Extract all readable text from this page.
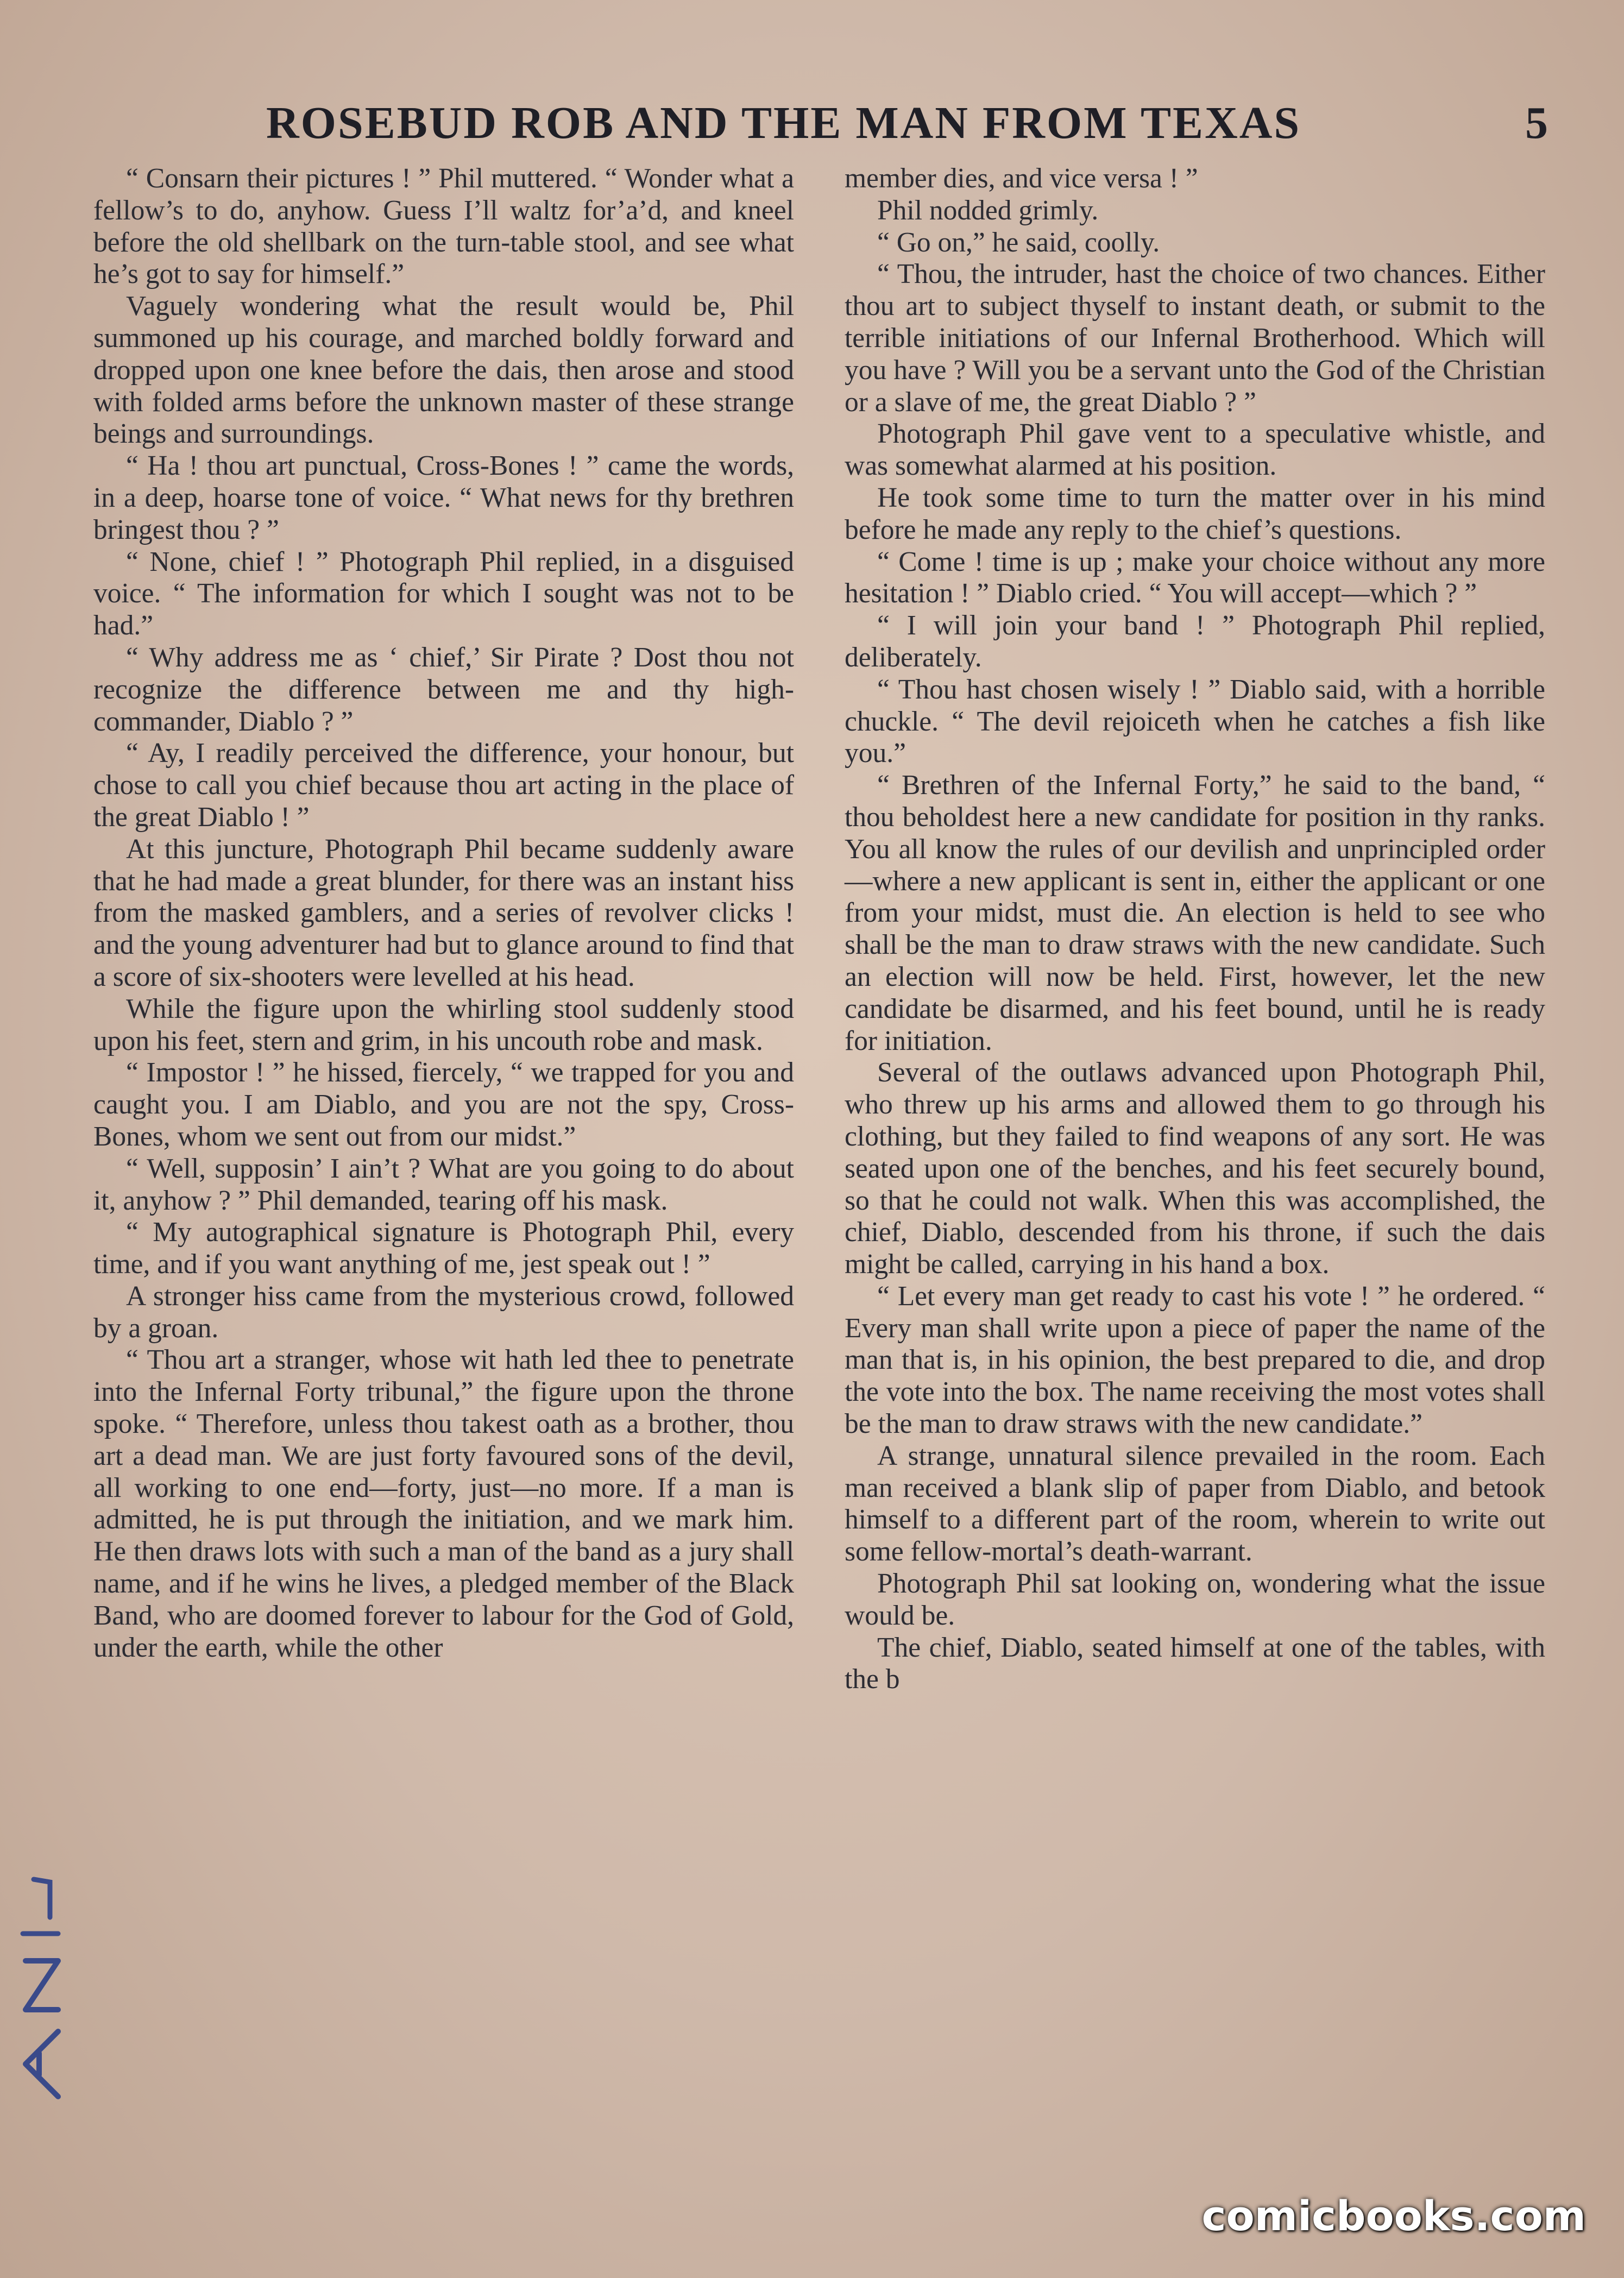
ROSEBUD ROB AND THE MAN FROM TEXAS	5

“ Consarn their pictures ! ” Phil muttered. “ Wonder what a fellow’s to do, anyhow. Guess I’ll waltz for’a’d, and kneel before the old shellbark on the turn-table stool, and see what he’s got to say for himself.”

Vaguely wondering what the result would be, Phil summoned up his courage, and marched boldly forward and dropped upon one knee before the dais, then arose and stood with folded arms before the unknown master of these strange beings and surroundings.

“ Ha ! thou art punctual, Cross-Bones ! ” came the words, in a deep, hoarse tone of voice. “ What news for thy brethren bringest thou ? ”

“ None, chief ! ” Photograph Phil replied, in a disguised voice. “ The information for which I sought was not to be had.”

“ Why address me as ‘ chief,’ Sir Pirate ? Dost thou not recognize the difference between me and thy high-commander, Diablo ? ”

“ Ay, I readily perceived the difference, your honour, but chose to call you chief because thou art acting in the place of the great Diablo ! ”

At this juncture, Photograph Phil became suddenly aware that he had made a great blunder, for there was an instant hiss from the masked gamblers, and a series of revolver clicks ! and the young adventurer had but to glance around to find that a score of six-shooters were levelled at his head.

While the figure upon the whirling stool suddenly stood upon his feet, stern and grim, in his uncouth robe and mask.

“ Impostor ! ” he hissed, fiercely, “ we trapped for you and caught you. I am Diablo, and you are not the spy, Cross-Bones, whom we sent out from our midst.”

“ Well, supposin’ I ain’t ? What are you going to do about it, anyhow ? ” Phil demanded, tearing off his mask.

“ My autographical signature is Photograph Phil, every time, and if you want anything of me, jest speak out ! ”

A stronger hiss came from the mysterious crowd, followed by a groan.

“ Thou art a stranger, whose wit hath led thee to penetrate into the Infernal Forty tribunal,” the figure upon the throne spoke. “ Therefore, unless thou takest oath as a brother, thou art a dead man. We are just forty favoured sons of the devil, all working to one end—forty, just—no more. If a man is admitted, he is put through the initiation, and we mark him. He then draws lots with such a man of the band as a jury shall name, and if he wins he lives, a pledged member of the Black Band, who are doomed forever to labour for the God of Gold, under the earth, while the other

member dies, and vice versa ! ”

Phil nodded grimly.

“ Go on,” he said, coolly.

“ Thou, the intruder, hast the choice of two chances. Either thou art to subject thyself to instant death, or submit to the terrible initiations of our Infernal Brotherhood. Which will you have ? Will you be a servant unto the God of the Christian or a slave of me, the great Diablo ? ”

Photograph Phil gave vent to a speculative whistle, and was somewhat alarmed at his position.

He took some time to turn the matter over in his mind before he made any reply to the chief’s questions.

“ Come ! time is up ; make your choice without any more hesitation ! ” Diablo cried. “ You will accept—which ? ”

“ I will join your band ! ” Photograph Phil replied, deliberately.

“ Thou hast chosen wisely ! ” Diablo said, with a horrible chuckle. “ The devil rejoiceth when he catches a fish like you.”

“ Brethren of the Infernal Forty,” he said to the band, “ thou beholdest here a new candidate for position in thy ranks. You all know the rules of our devilish and unprincipled order—where a new applicant is sent in, either the applicant or one from your midst, must die. An election is held to see who shall be the man to draw straws with the new candidate. Such an election will now be held. First, however, let the new candidate be disarmed, and his feet bound, until he is ready for initiation.

Several of the outlaws advanced upon Photograph Phil, who threw up his arms and allowed them to go through his clothing, but they failed to find weapons of any sort. He was seated upon one of the benches, and his feet securely bound, so that he could not walk. When this was accomplished, the chief, Diablo, descended from his throne, if such the dais might be called, carrying in his hand a box.

“ Let every man get ready to cast his vote ! ” he ordered. “ Every man shall write upon a piece of paper the name of the man that is, in his opinion, the best prepared to die, and drop the vote into the box. The name receiving the most votes shall be the man to draw straws with the new candidate.”

A strange, unnatural silence prevailed in the room. Each man received a blank slip of paper from Diablo, and betook himself to a different part of the room, wherein to write out some fellow-mortal’s death-warrant.

Photograph Phil sat looking on, wondering what the issue would be.

The chief, Diablo, seated himself at one of the tables, with the b

comicbooks.com
